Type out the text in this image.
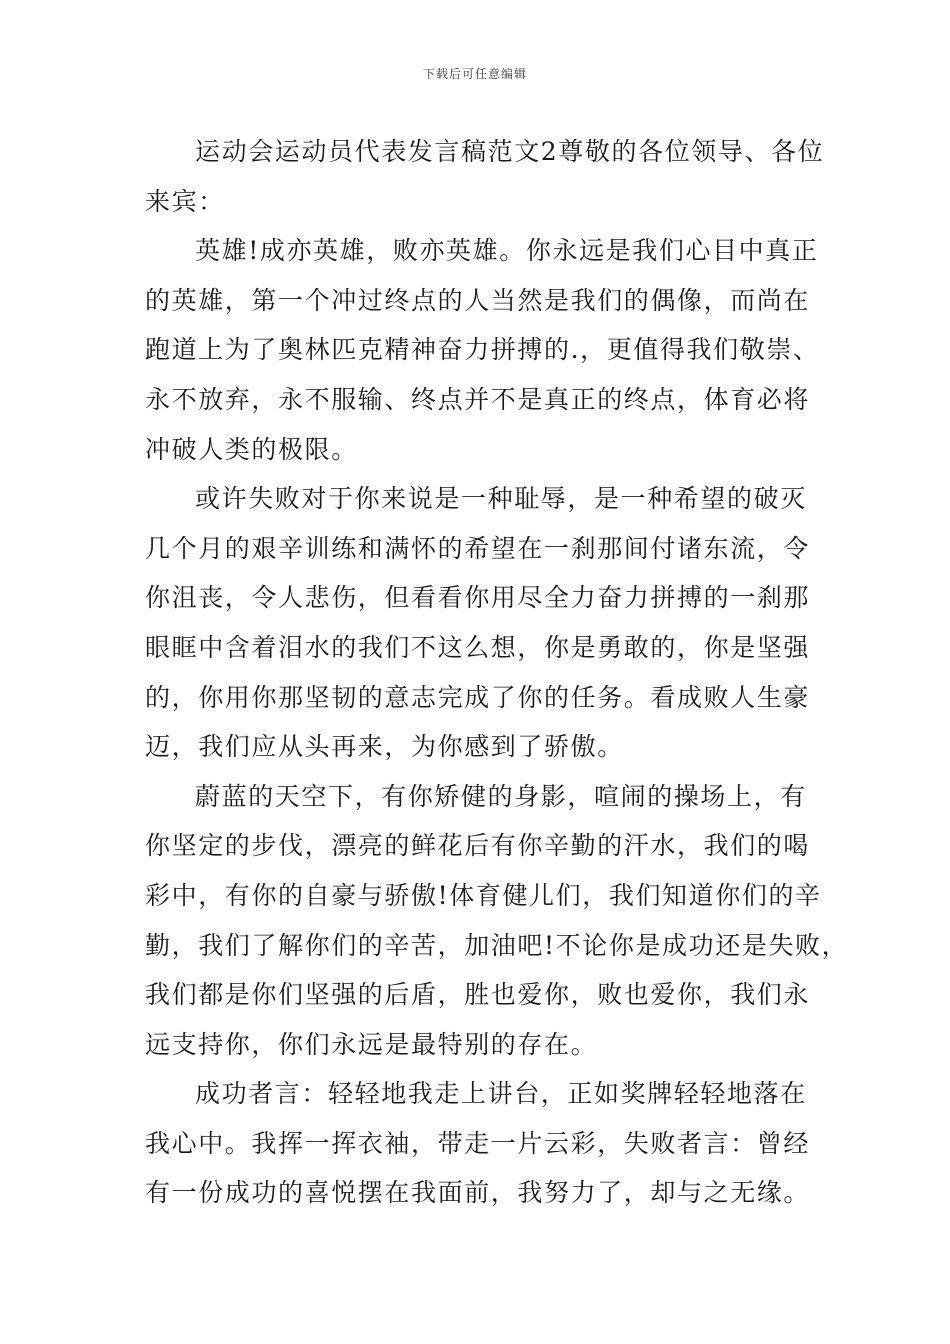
下载后可任意编辑
运动会运动员代表发言稿范文2尊敬的各位领导、各位
来宾：
英雄!成亦英雄，败亦英雄。你永远是我们心目中真正
的英雄，第一个冲过终点的人当然是我们的偶像，而尚在
跑道上为了奥林匹克精神奋力拼搏的.，更值得我们敬崇、
永不放弃，永不服输、终点并不是真正的终点，体育必将
冲破人类的极限。
或许失败对于你来说是一种耻辱，是一种希望的破灭
几个月的艰辛训练和满怀的希望在一刹那间付诸东流，令
你沮丧，令人悲伤，但看看你用尽全力奋力拼搏的一刹那
眼眶中含着泪水的我们不这么想，你是勇敢的，你是坚强
的，你用你那坚韧的意志完成了你的任务。看成败人生豪
迈，我们应从头再来，为你感到了骄傲。
蔚蓝的天空下，有你矫健的身影，喧闹的操场上，有
你坚定的步伐，漂亮的鲜花后有你辛勤的汗水，我们的喝
彩中，有你的自豪与骄傲!体育健儿们，我们知道你们的辛
勤，我们了解你们的辛苦，加油吧!不论你是成功还是失败，
我们都是你们坚强的后盾，胜也爱你，败也爱你，我们永
远支持你，你们永远是最特别的存在。
成功者言：轻轻地我走上讲台，正如奖牌轻轻地落在
我心中。我挥一挥衣袖，带走一片云彩，失败者言：曾经
有一份成功的喜悦摆在我面前，我努力了，却与之无缘。
